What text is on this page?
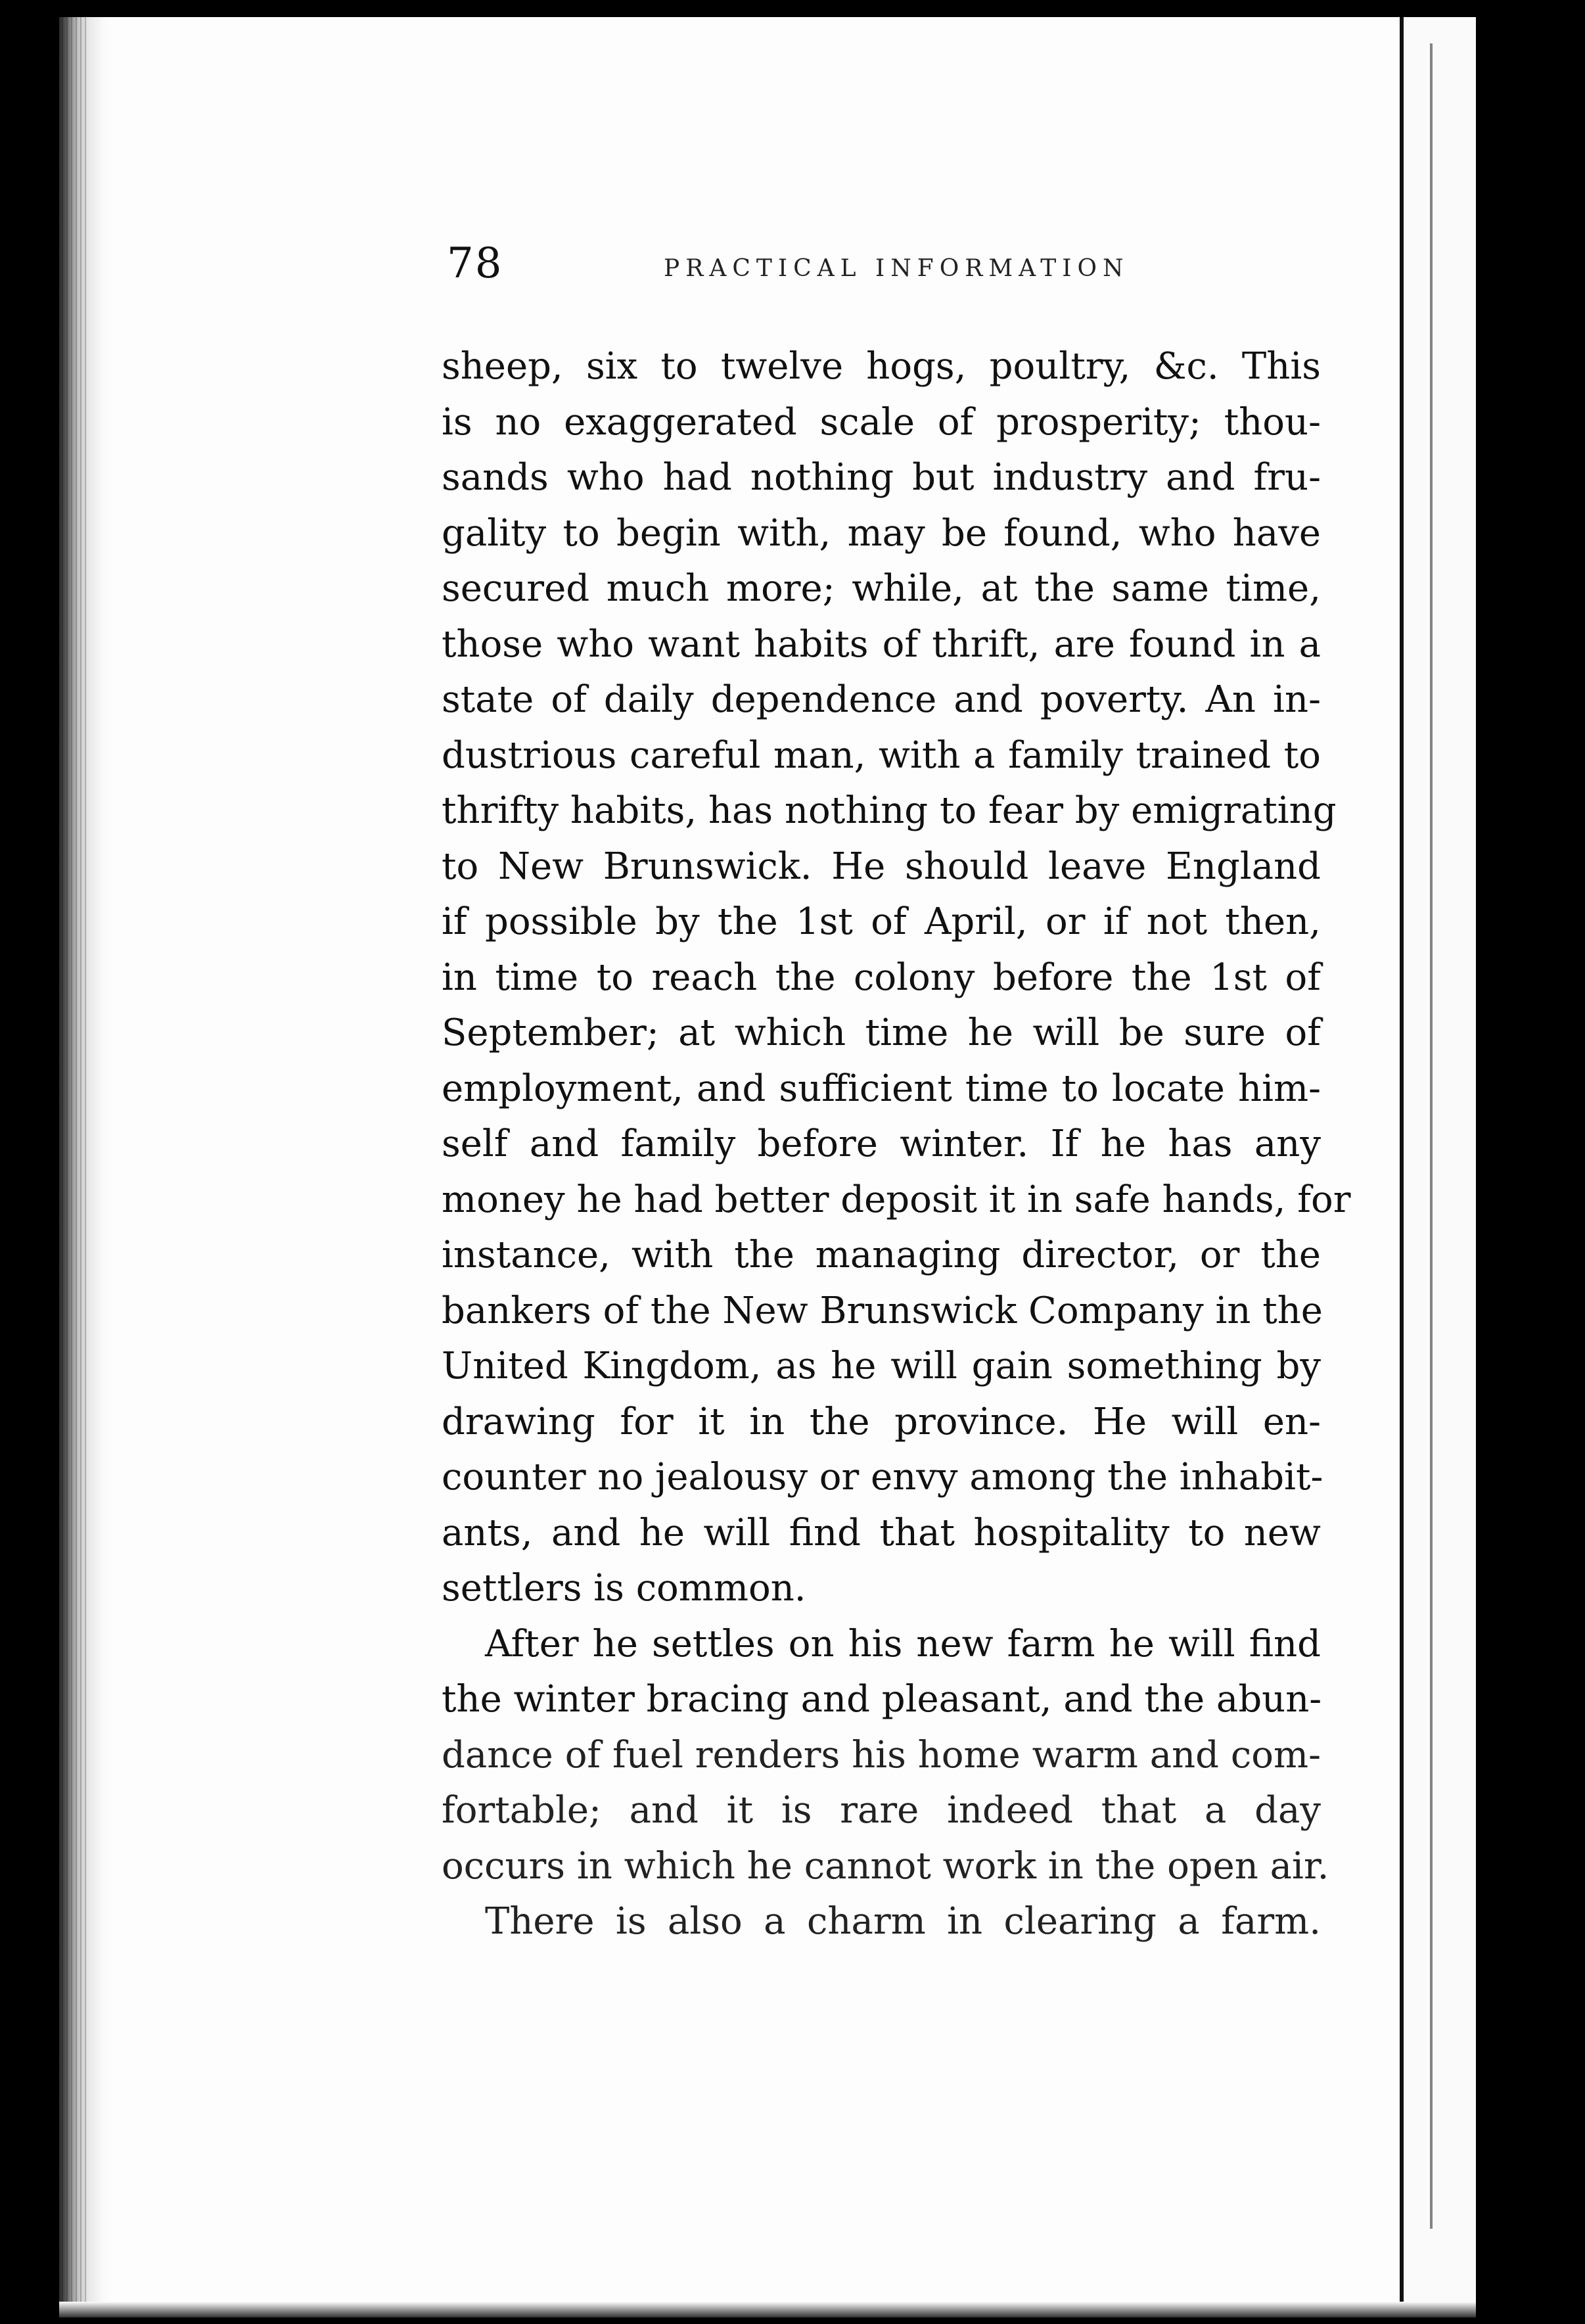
78	PRACTICAL INFORMATION
sheep, six to twelve hogs, poultry, &c. This
is no exaggerated scale of prosperity; thou-
sands who had nothing but industry and fru-
gality to begin with, may be found, who have
secured much more; while, at the same time,
those who want habits of thrift, are found in a
state of daily dependence and poverty. An in-
dustrious careful man, with a family trained to
thrifty habits, has nothing to fear by emigrating
to New Brunswick. He should leave England
if possible by the 1st of April, or if not then,
in time to reach the colony before the 1st of
September; at which time he will be sure of
employment, and sufficient time to locate him-
self and family before winter. If he has any
money he had better deposit it in safe hands, for
instance, with the managing director, or the
bankers of the New Brunswick Company in the
United Kingdom, as he will gain something by
drawing for it in the province. He will en-
counter no jealousy or envy among the inhabit-
ants, and he will find that hospitality to new
settlers is common.
After he settles on his new farm he will find
the winter bracing and pleasant, and the abun-
dance of fuel renders his home warm and com-
fortable; and it is rare indeed that a day
occurs in which he cannot work in the open air.
There is also a charm in clearing a farm.
